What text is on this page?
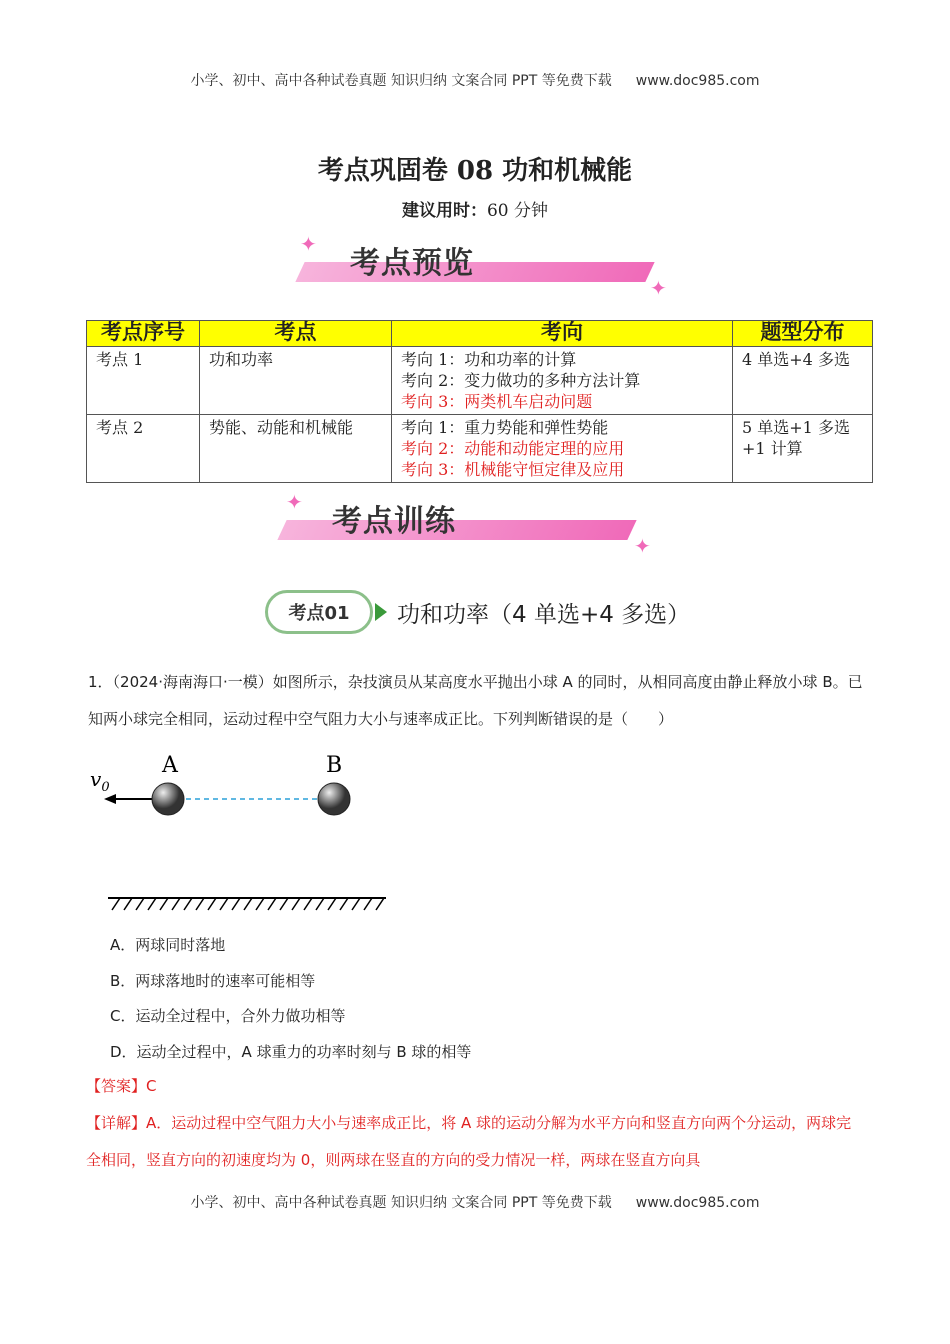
小学、初中、高中各种试卷真题 知识归纳 文案合同 PPT 等免费下载 www.doc985.com
考点巩固卷 08 功和机械能
建议用时：60 分钟
✦
✦
考点预览
考点序号	考点	考向	题型分布
考点 1	功和功率	考向 1：功和功率的计算
考向 2：变力做功的多种方法计算
考向 3：两类机车启动问题	4 单选+4 多选
考点 2	势能、动能和机械能	考向 1：重力势能和弹性势能
考向 2：动能和动能定理的应用
考向 3：机械能守恒定律及应用	5 单选+1 多选+1 计算
✦
✦
考点训练
考点01	功和功率（4 单选+4 多选）
1．（2024·海南海口·一模）如图所示，杂技演员从某高度水平抛出小球 A 的同时，从相同高度由静止释放小球 B。已知两小球完全相同，运动过程中空气阻力大小与速率成正比。下列判断错误的是（　　）
$v_0$
A	B
A．两球同时落地
B．两球落地时的速率可能相等
C．运动全过程中，合外力做功相等
D．运动全过程中，A 球重力的功率时刻与 B 球的相等
【答案】C
【详解】A．运动过程中空气阻力大小与速率成正比，将 A 球的运动分解为水平方向和竖直方向两个分运动，两球完全相同，竖直方向的初速度均为 0，则两球在竖直的方向的受力情况一样，两球在竖直方向具
小学、初中、高中各种试卷真题 知识归纳 文案合同 PPT 等免费下载 www.doc985.com
